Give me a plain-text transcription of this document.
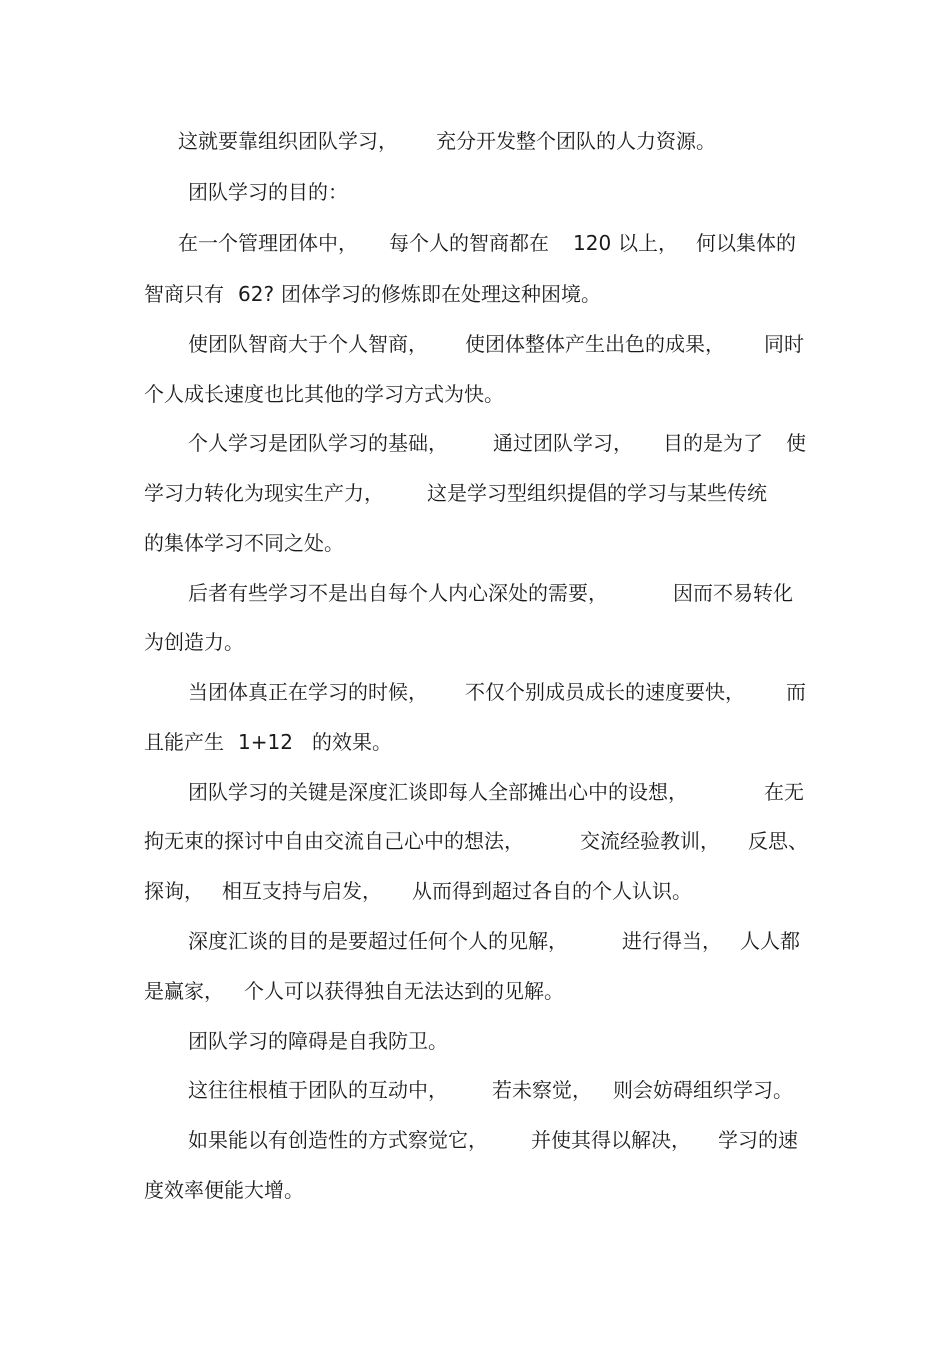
这就要靠组织团队学习，

充分开发整个团队的人力资源。

团队学习的目的：

在一个管理团体中，

每个人的智商都在

120

以上，

何以集体的

智商只有

62?

团体学习的修炼即在处理这种困境。

使团队智商大于个人智商，

使团体整体产生出色的成果，

同时

个人成长速度也比其他的学习方式为快。

个人学习是团队学习的基础，

通过团队学习，

目的是为了

使

学习力转化为现实生产力，

这是学习型组织提倡的学习与某些传统

的集体学习不同之处。

后者有些学习不是出自每个人内心深处的需要，

	因而不易转化

为创造力。

当团体真正在学习的时候，

不仅个别成员成长的速度要快，

而

且能产生

1+12

的效果。

团队学习的关键是深度汇谈即每人全部摊出心中的设想，

	在无

拘无束的探讨中自由交流自己心中的想法，

	交流经验教训，

反思、

探询，

相互支持与启发，

从而得到超过各自的个人认识。

深度汇谈的目的是要超过任何个人的见解，

	进行得当，

人人都

是赢家，

个人可以获得独自无法达到的见解。

团队学习的障碍是自我防卫。

这往往根植于团队的互动中，

若未察觉，

则会妨碍组织学习。

如果能以有创造性的方式察觉它，

并使其得以解决，

学习的速

度效率便能大增。
